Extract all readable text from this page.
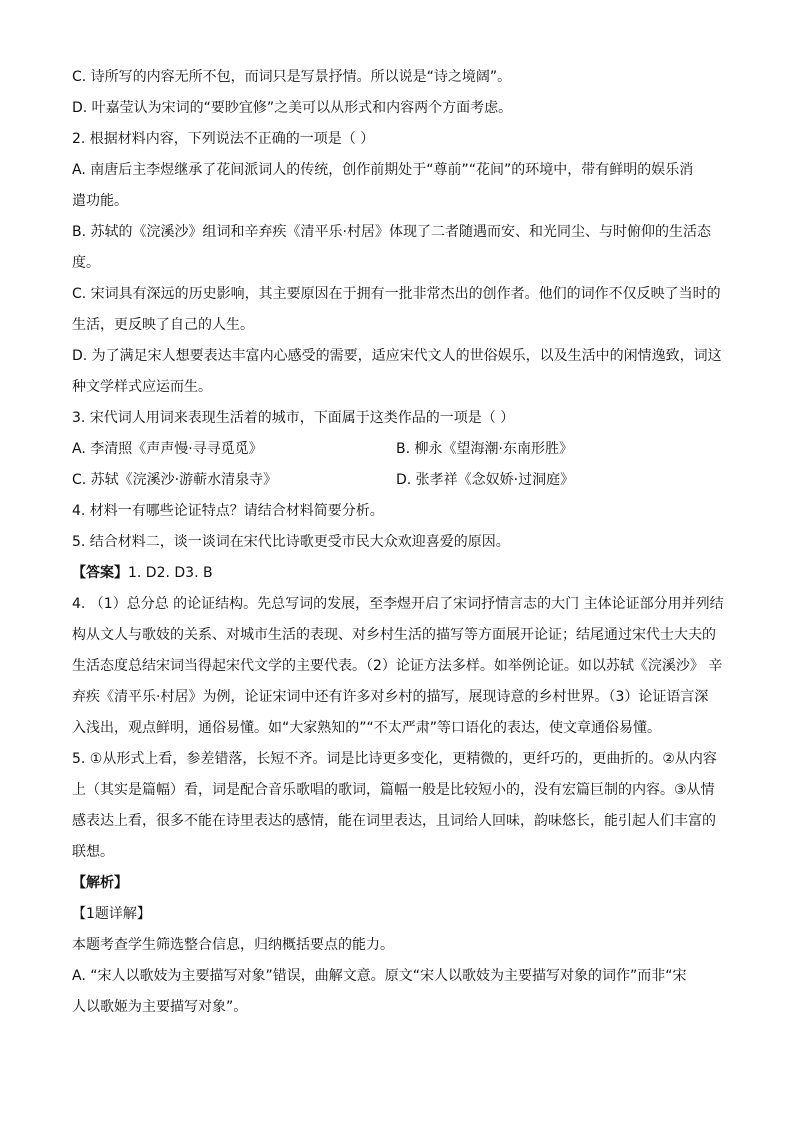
C. 诗所写的内容无所不包，而词只是写景抒情。所以说是“诗之境阔”。
D. 叶嘉莹认为宋词的“要眇宜修”之美可以从形式和内容两个方面考虑。
2. 根据材料内容，下列说法不正确的一项是（ ）
A. 南唐后主李煜继承了花间派词人的传统，创作前期处于“尊前”“花间”的环境中，带有鲜明的娱乐消
遣功能。
B. 苏轼的《浣溪沙》组词和辛弃疾《清平乐·村居》体现了二者随遇而安、和光同尘、与时俯仰的生活态
度。
C. 宋词具有深远的历史影响，其主要原因在于拥有一批非常杰出的创作者。他们的词作不仅反映了当时的
生活，更反映了自己的人生。
D. 为了满足宋人想要表达丰富内心感受的需要，适应宋代文人的世俗娱乐，以及生活中的闲情逸致，词这
种文学样式应运而生。
3. 宋代词人用词来表现生活着的城市，下面属于这类作品的一项是（ ）
A. 李清照《声声慢·寻寻觅觅》	B. 柳永《望海潮·东南形胜》
C. 苏轼《浣溪沙·游蕲水清泉寺》	D. 张孝祥《念奴娇·过洞庭》
4. 材料一有哪些论证特点？请结合材料简要分析。
5. 结合材料二，谈一谈词在宋代比诗歌更受市民大众欢迎喜爱的原因。
【答案】1. D2. D3. B
4. （1）总分总 的论证结构。先总写词的发展，至李煜开启了宋词抒情言志的大门 主体论证部分用并列结
构从文人与歌妓的关系、对城市生活的表现、对乡村生活的描写等方面展开论证；结尾通过宋代士大夫的
生活态度总结宋词当得起宋代文学的主要代表。（2）论证方法多样。如举例论证。如以苏轼《浣溪沙》 辛
弃疾《清平乐·村居》为例，论证宋词中还有许多对乡村的描写，展现诗意的乡村世界。（3）论证语言深
入浅出，观点鲜明，通俗易懂。如“大家熟知的”“不太严肃”等口语化的表达，使文章通俗易懂。
5. ①从形式上看，参差错落，长短不齐。词是比诗更多变化，更精微的，更纤巧的，更曲折的。②从内容
上（其实是篇幅）看，词是配合音乐歌唱的歌词，篇幅一般是比较短小的，没有宏篇巨制的内容。③从情
感表达上看，很多不能在诗里表达的感情，能在词里表达，且词给人回味，韵味悠长，能引起人们丰富的
联想。
【解析】
【1题详解】
本题考查学生筛选整合信息，归纳概括要点的能力。
A. “宋人以歌妓为主要描写对象”错误，曲解文意。原文“宋人以歌妓为主要描写对象的词作”而非“宋
人以歌姬为主要描写对象”。
